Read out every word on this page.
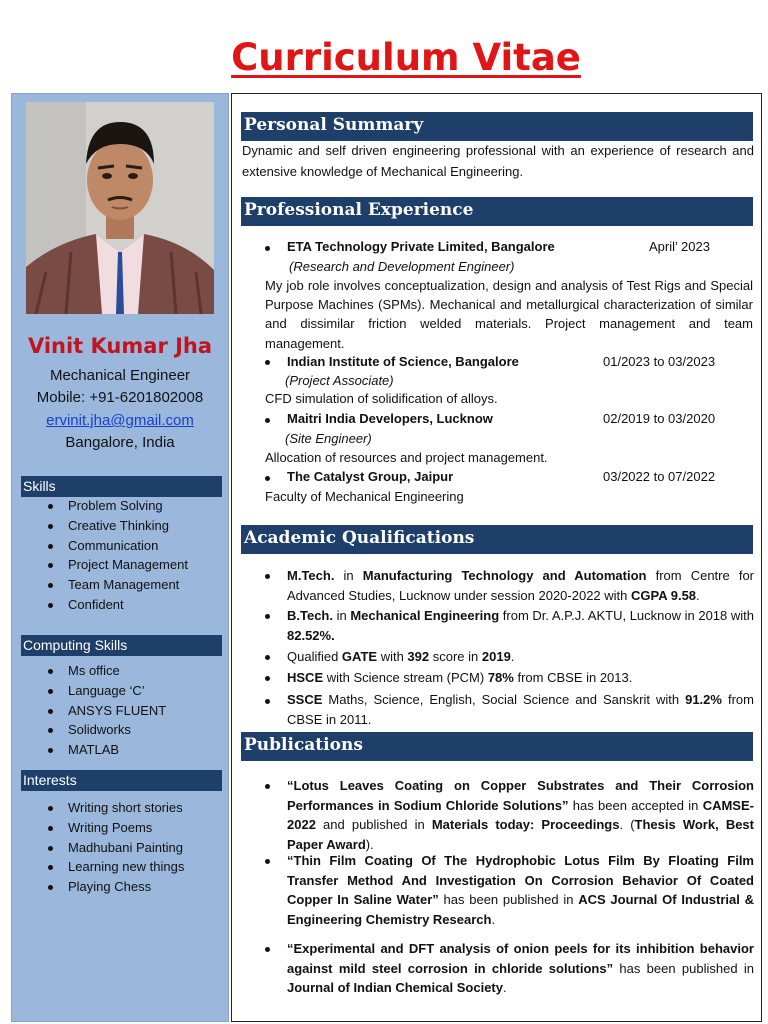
Curriculum Vitae
Vinit Kumar Jha
Mechanical Engineer
Mobile: +91-6201802008
ervinit.jha@gmail.com
Bangalore, India
Skills
Problem Solving
Creative Thinking
Communication
Project Management
Team Management
Confident
Computing Skills
Ms office
Language ‘C’
ANSYS FLUENT
Solidworks
MATLAB
Interests
Writing short stories
Writing Poems
Madhubani Painting
Learning new things
Playing Chess
Personal Summary
Dynamic and self driven engineering professional with an experience of research and extensive knowledge of Mechanical Engineering.
Professional Experience
ETA Technology Private Limited, Bangalore	April’ 2023
(Research and Development Engineer)
My job role involves conceptualization, design and analysis of Test Rigs and Special Purpose Machines (SPMs). Mechanical and metallurgical characterization of similar and dissimilar friction welded materials. Project management and team management.
Indian Institute of Science, Bangalore	01/2023 to 03/2023
(Project Associate)
CFD simulation of solidification of alloys.
Maitri India Developers, Lucknow	02/2019 to 03/2020
(Site Engineer)
Allocation of resources and project management.
The Catalyst Group, Jaipur	03/2022 to 07/2022
Faculty of Mechanical Engineering
Academic Qualifications
M.Tech. in Manufacturing Technology and Automation from Centre for Advanced Studies, Lucknow under session 2020-2022 with CGPA 9.58.
B.Tech. in Mechanical Engineering from Dr. A.P.J. AKTU, Lucknow in 2018 with 82.52%.
Qualified GATE with 392 score in 2019.
HSCE with Science stream (PCM) 78% from CBSE in 2013.
SSCE Maths, Science, English, Social Science and Sanskrit with 91.2% from CBSE in 2011.
Publications
“Lotus Leaves Coating on Copper Substrates and Their Corrosion Performances in Sodium Chloride Solutions” has been accepted in CAMSE-2022 and published in Materials today: Proceedings. (Thesis Work, Best Paper Award).
“Thin Film Coating Of The Hydrophobic Lotus Film By Floating Film Transfer Method And Investigation On Corrosion Behavior Of Coated Copper In Saline Water” has been published in ACS Journal Of Industrial & Engineering Chemistry Research.
“Experimental and DFT analysis of onion peels for its inhibition behavior against mild steel corrosion in chloride solutions” has been published in Journal of Indian Chemical Society.
